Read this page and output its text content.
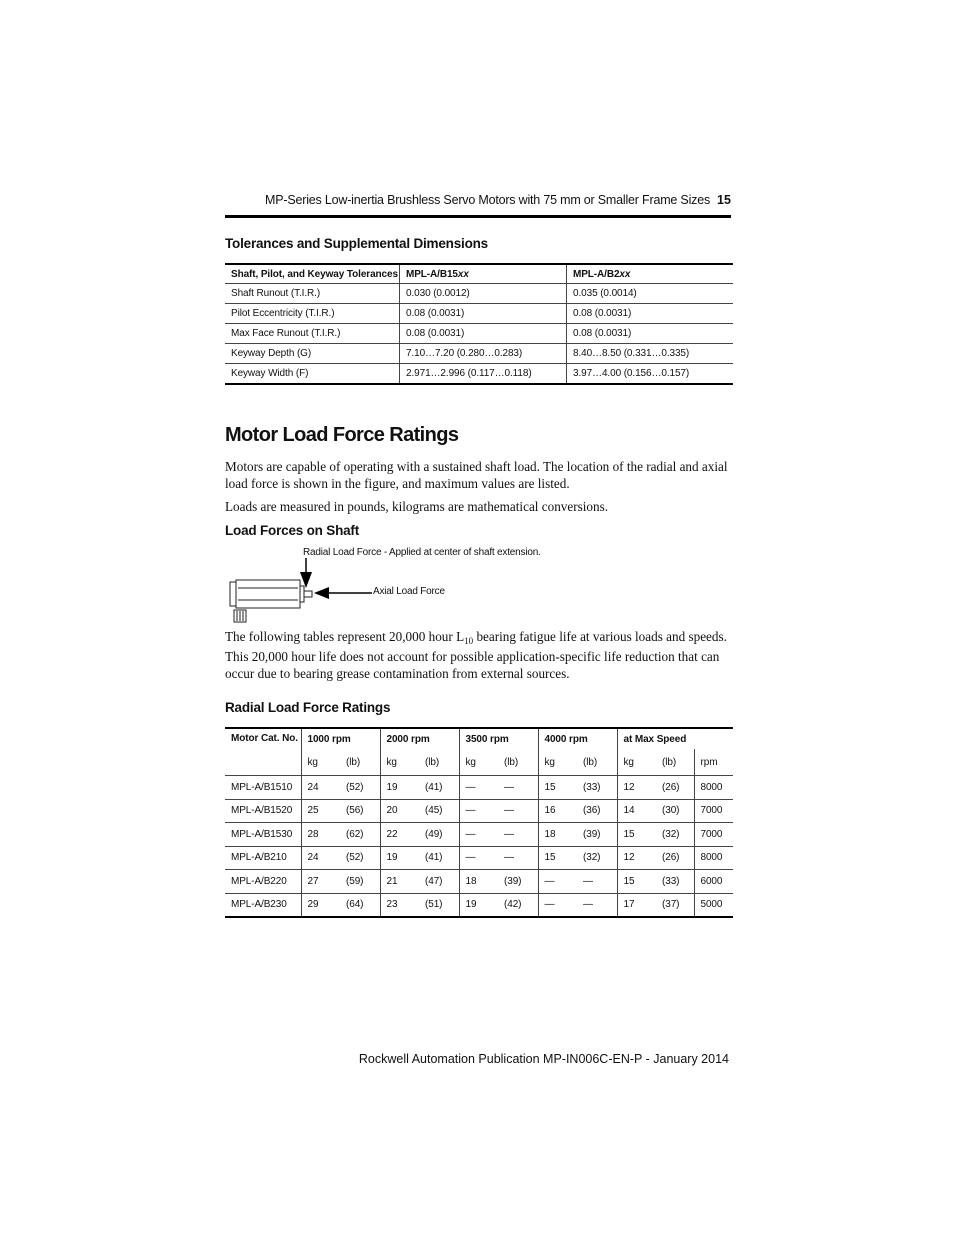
MP-Series Low-inertia Brushless Servo Motors with 75 mm or Smaller Frame Sizes 15
Tolerances and Supplemental Dimensions
Shaft, Pilot, and Keyway Tolerances	MPL-A/B15xx	MPL-A/B2xx
Shaft Runout (T.I.R.)	0.030 (0.0012)	0.035 (0.0014)
Pilot Eccentricity (T.I.R.)	0.08 (0.0031)	0.08 (0.0031)
Max Face Runout (T.I.R.)	0.08 (0.0031)	0.08 (0.0031)
Keyway Depth (G)	7.10…7.20 (0.280…0.283)	8.40…8.50 (0.331…0.335)
Keyway Width (F)	2.971…2.996 (0.117…0.118)	3.97…4.00 (0.156…0.157)
Motor Load Force Ratings
Motors are capable of operating with a sustained shaft load. The location of the radial and axial load force is shown in the figure, and maximum values are listed.
Loads are measured in pounds, kilograms are mathematical conversions.
Load Forces on Shaft
Radial Load Force - Applied at center of shaft extension.
Axial Load Force
The following tables represent 20,000 hour $L_{10}$ bearing fatigue life at various loads and speeds.
This 20,000 hour life does not account for possible application-specific life reduction that can occur due to bearing grease contamination from external sources.
Radial Load Force Ratings
Motor Cat. No.	1000 rpm		2000 rpm		3500 rpm		4000 rpm		at Max Speed		
	kg	(lb)	kg	(lb)	kg	(lb)	kg	(lb)	kg	(lb)	rpm
MPL-A/B1510	24	(52)	19	(41)	—	—	15	(33)	12	(26)	8000
MPL-A/B1520	25	(56)	20	(45)	—	—	16	(36)	14	(30)	7000
MPL-A/B1530	28	(62)	22	(49)	—	—	18	(39)	15	(32)	7000
MPL-A/B210	24	(52)	19	(41)	—	—	15	(32)	12	(26)	8000
MPL-A/B220	27	(59)	21	(47)	18	(39)	—	—	15	(33)	6000
MPL-A/B230	29	(64)	23	(51)	19	(42)	—	—	17	(37)	5000
Rockwell Automation Publication MP-IN006C-EN-P - January 2014
